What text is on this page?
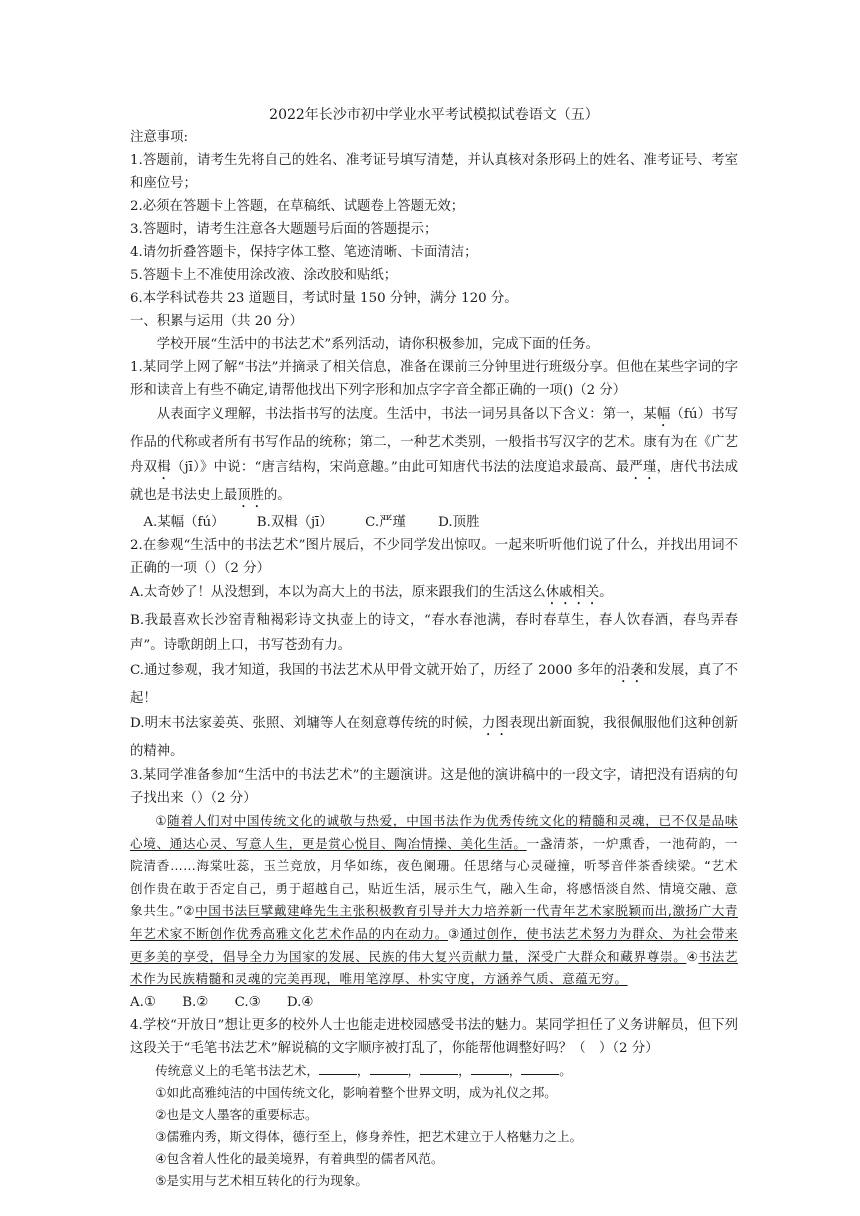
2022年长沙市初中学业水平考试模拟试卷语文（五）

注意事项:

1.答题前，请考生先将自己的姓名、准考证号填写清楚，并认真核对条形码上的姓名、准考证号、考室和座位号；

2.必须在答题卡上答题，在草稿纸、试题卷上答题无效；

3.答题时，请考生注意各大题题号后面的答题提示；

4.请勿折叠答题卡，保持字体工整、笔迹清晰、卡面清洁；

5.答题卡上不准使用涂改液、涂改胶和贴纸；

6.本学科试卷共 23 道题目，考试时量 150 分钟，满分 120 分。

一、积累与运用（共 20 分）

学校开展“生活中的书法艺术”系列活动，请你积极参加，完成下面的任务。

1.某同学上网了解“书法”并摘录了相关信息，准备在课前三分钟里进行班级分享。但他在某些字词的字形和读音上有些不确定,请帮他找出下列字形和加点字字音全都正确的一项()（2 分）

从表面字义理解，书法指书写的法度。生活中，书法一词另具备以下含义：第一，某幅（fú）书写作品的代称或者所有书写作品的统称；第二，一种艺术类别，一般指书写汉字的艺术。康有为在《广艺舟双楫（jī）》中说：“唐言结构，宋尚意趣。”由此可知唐代书法的法度追求最高、最严瑾，唐代书法成就也是书法史上最顶胜的。

A.某幅（fú） B.双楫（jī） C.严瑾 D.顶胜

2.在参观“生活中的书法艺术”图片展后，不少同学发出惊叹。一起来听听他们说了什么，并找出用词不正确的一项（）（2 分）

A.太奇妙了！从没想到，本以为高大上的书法，原来跟我们的生活这么休戚相关。

B.我最喜欢长沙窑青釉褐彩诗文执壶上的诗文，“春水春池满，春时春草生，春人饮春酒，春鸟弄春声”。诗歌朗朗上口，书写苍劲有力。

C.通过参观，我才知道，我国的书法艺术从甲骨文就开始了，历经了 2000 多年的沿袭和发展，真了不起！

D.明末书法家姜英、张照、刘墉等人在刻意尊传统的时候，力图表现出新面貌，我很佩服他们这种创新的精神。

3.某同学准备参加“生活中的书法艺术”的主题演讲。这是他的演讲稿中的一段文字，请把没有语病的句子找出来（）（2 分）

①随着人们对中国传统文化的诚敬与热爱，中国书法作为优秀传统文化的精髓和灵魂，已不仅是品味心境、通达心灵、写意人生，更是赏心悦目、陶冶情操、美化生活。一盏清茶，一炉熏香，一池荷韵，一院清香……海棠吐蕊，玉兰竞放，月华如练，夜色阑珊。任思绪与心灵碰撞，听琴音伴茶香续梁。“艺术创作贵在敢于否定自己，勇于超越自己，贴近生活，展示生气，融入生命，将感悟淡自然、情境交融、意象共生。”②中国书法巨擘戴建峰先生主张积极教育引导并大力培养新一代青年艺术家脱颖而出,激扬广大青年艺术家不断创作优秀高雅文化艺术作品的内在动力。③通过创作，使书法艺术努力为群众、为社会带来更多美的享受，倡导全力为国家的发展、民族的伟大复兴贡献力量，深受广大群众和藏界尊崇。④书法艺术作为民族精髓和灵魂的完美再现，唯用笔淳厚、朴实守度，方涵养气质、意蕴无穷。

A.① B.② C.③ D.④

4.学校“开放日”想让更多的校外人士也能走进校园感受书法的魅力。某同学担任了义务讲解员，但下列这段关于“毛笔书法艺术”解说稿的文字顺序被打乱了，你能帮他调整好吗？（　）（2 分）

传统意义上的毛笔书法艺术，	，	，	，	，	。

①如此高雅纯洁的中国传统文化，影响着整个世界文明，成为礼仪之邦。

②也是文人墨客的重要标志。

③儒雅内秀，斯文得体，德行至上，修身养性，把艺术建立于人格魅力之上。

④包含着人性化的最美境界，有着典型的儒者风范。

⑤是实用与艺术相互转化的行为现象。
